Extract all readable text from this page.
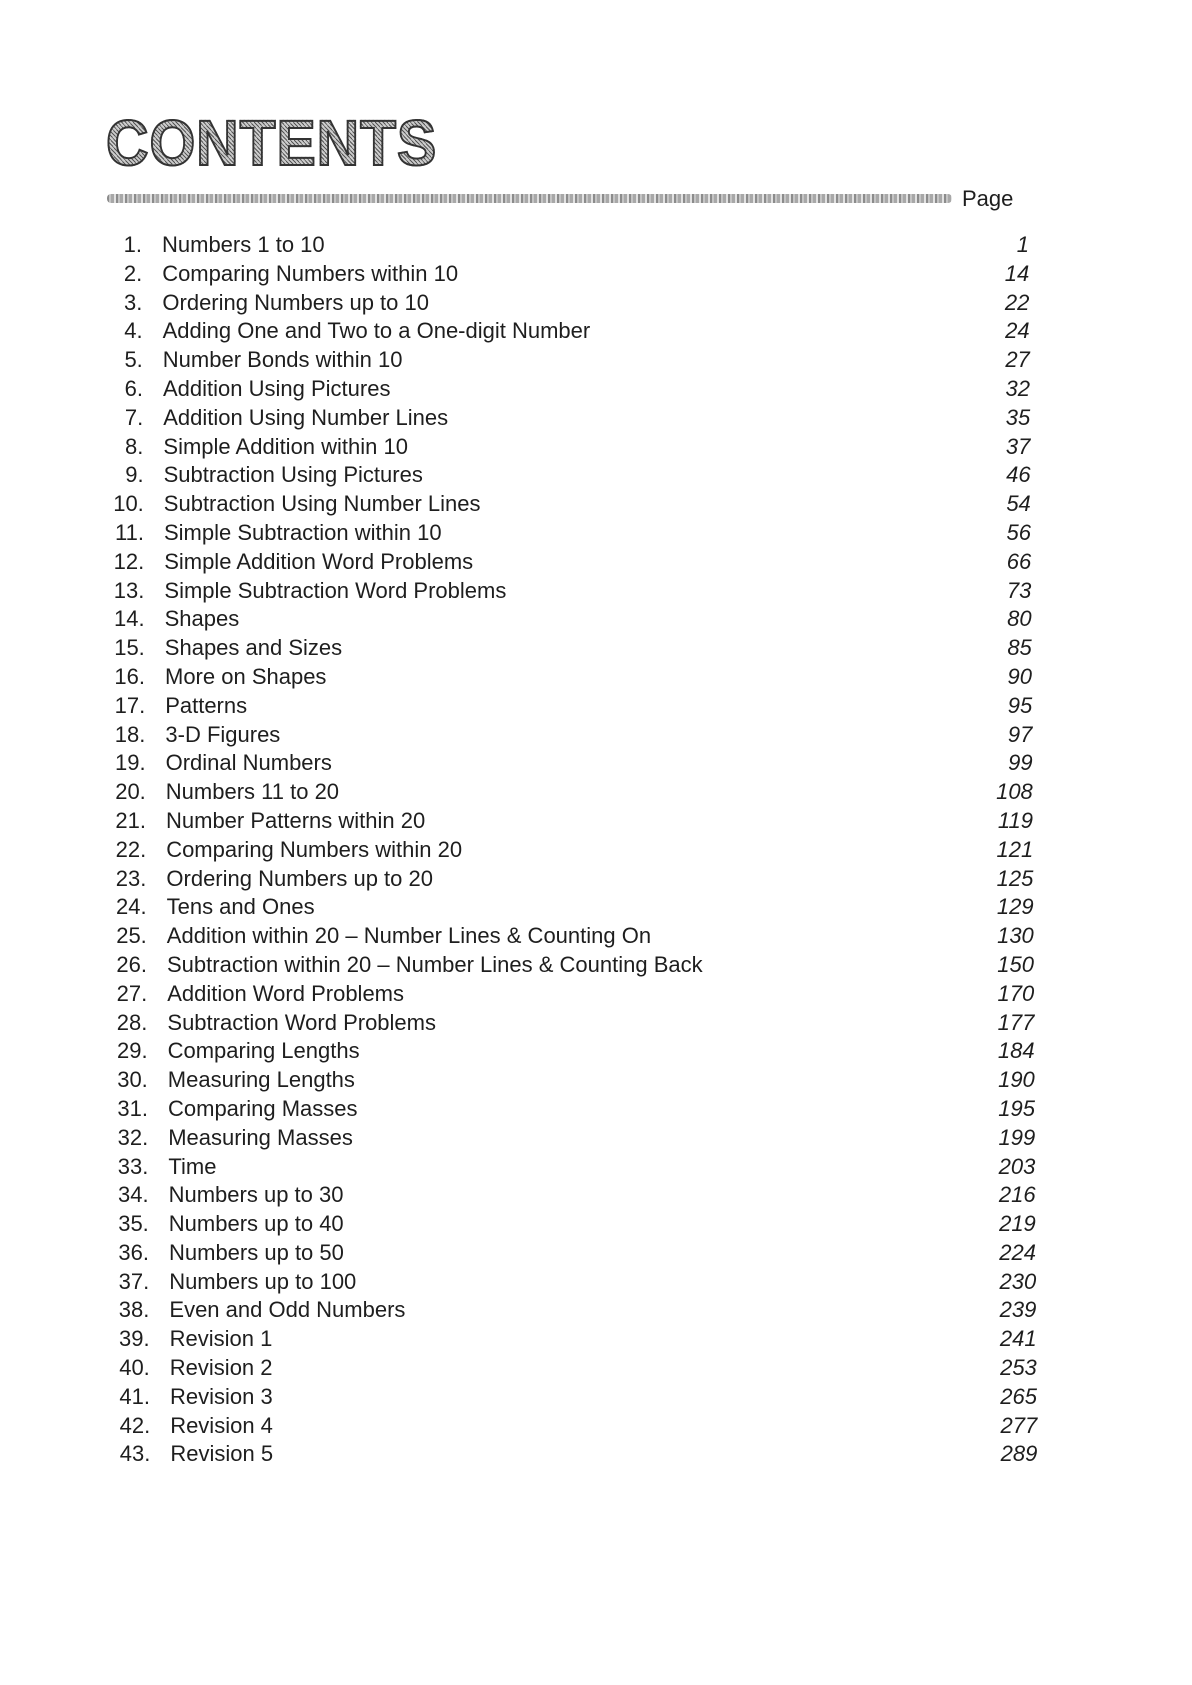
CONTENTS
Page
1. Numbers 1 to 10	1
2. Comparing Numbers within 10	14
3. Ordering Numbers up to 10	22
4. Adding One and Two to a One-digit Number	24
5. Number Bonds within 10	27
6. Addition Using Pictures	32
7. Addition Using Number Lines	35
8. Simple Addition within 10	37
9. Subtraction Using Pictures	46
10. Subtraction Using Number Lines	54
11. Simple Subtraction within 10	56
12. Simple Addition Word Problems	66
13. Simple Subtraction Word Problems	73
14. Shapes	80
15. Shapes and Sizes	85
16. More on Shapes	90
17. Patterns	95
18. 3-D Figures	97
19. Ordinal Numbers	99
20. Numbers 11 to 20	108
21. Number Patterns within 20	119
22. Comparing Numbers within 20	121
23. Ordering Numbers up to 20	125
24. Tens and Ones	129
25. Addition within 20 – Number Lines & Counting On	130
26. Subtraction within 20 – Number Lines & Counting Back	150
27. Addition Word Problems	170
28. Subtraction Word Problems	177
29. Comparing Lengths	184
30. Measuring Lengths	190
31. Comparing Masses	195
32. Measuring Masses	199
33. Time	203
34. Numbers up to 30	216
35. Numbers up to 40	219
36. Numbers up to 50	224
37. Numbers up to 100	230
38. Even and Odd Numbers	239
39. Revision 1	241
40. Revision 2	253
41. Revision 3	265
42. Revision 4	277
43. Revision 5	289
